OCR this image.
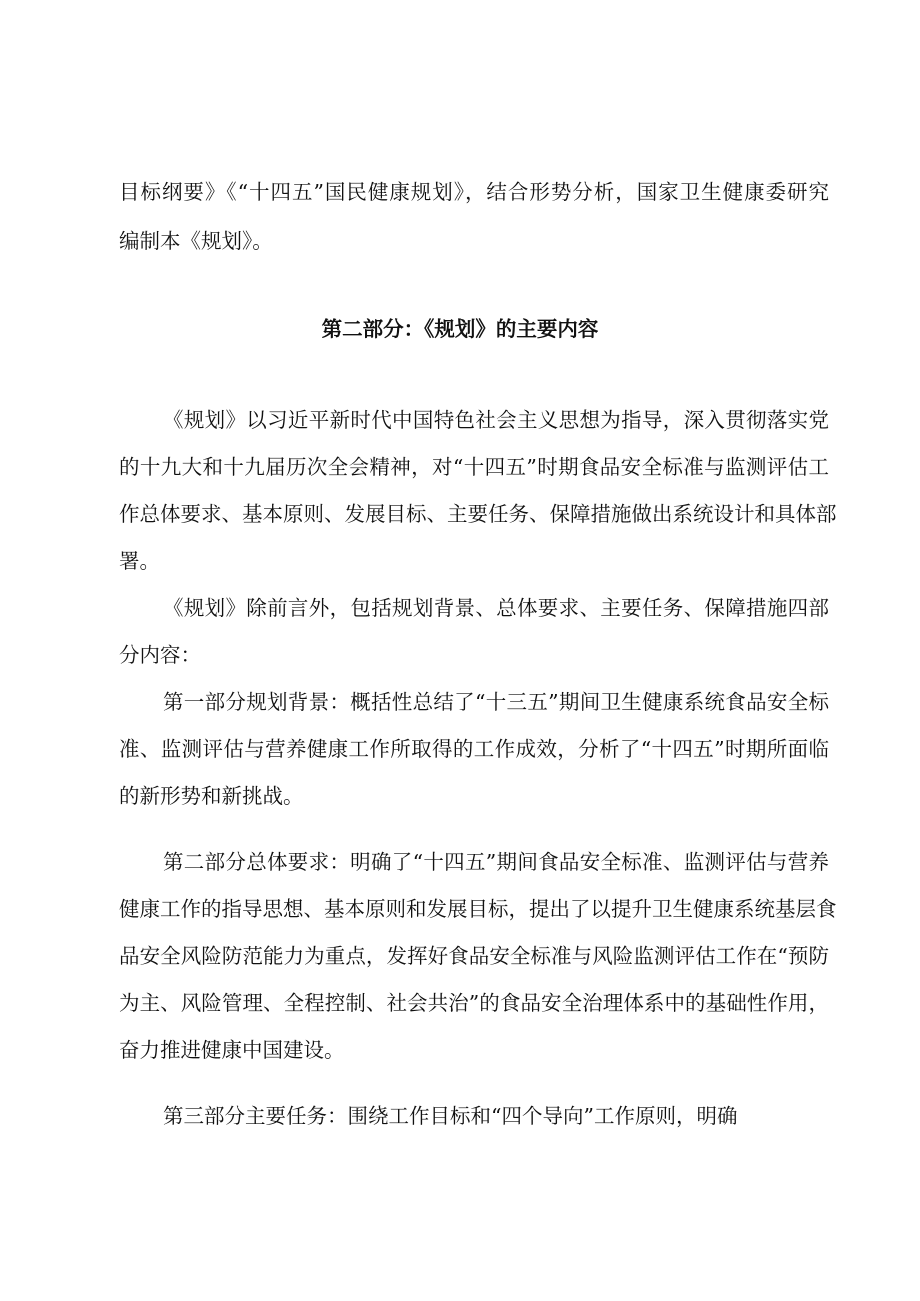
目标纲要》《“十四五”国民健康规划》，结合形势分析，国家卫生健康委研究
编制本《规划》。
第二部分：《规划》的主要内容
《规划》以习近平新时代中国特色社会主义思想为指导，深入贯彻落实党
的十九大和十九届历次全会精神，对“十四五”时期食品安全标准与监测评估工
作总体要求、基本原则、发展目标、主要任务、保障措施做出系统设计和具体部
署。
《规划》除前言外，包括规划背景、总体要求、主要任务、保障措施四部
分内容：
第一部分规划背景：概括性总结了“十三五”期间卫生健康系统食品安全标
准、监测评估与营养健康工作所取得的工作成效，分析了“十四五”时期所面临
的新形势和新挑战。
第二部分总体要求：明确了“十四五”期间食品安全标准、监测评估与营养
健康工作的指导思想、基本原则和发展目标，提出了以提升卫生健康系统基层食
品安全风险防范能力为重点，发挥好食品安全标准与风险监测评估工作在“预防
为主、风险管理、全程控制、社会共治”的食品安全治理体系中的基础性作用，
奋力推进健康中国建设。
第三部分主要任务：围绕工作目标和“四个导向”工作原则，明确
